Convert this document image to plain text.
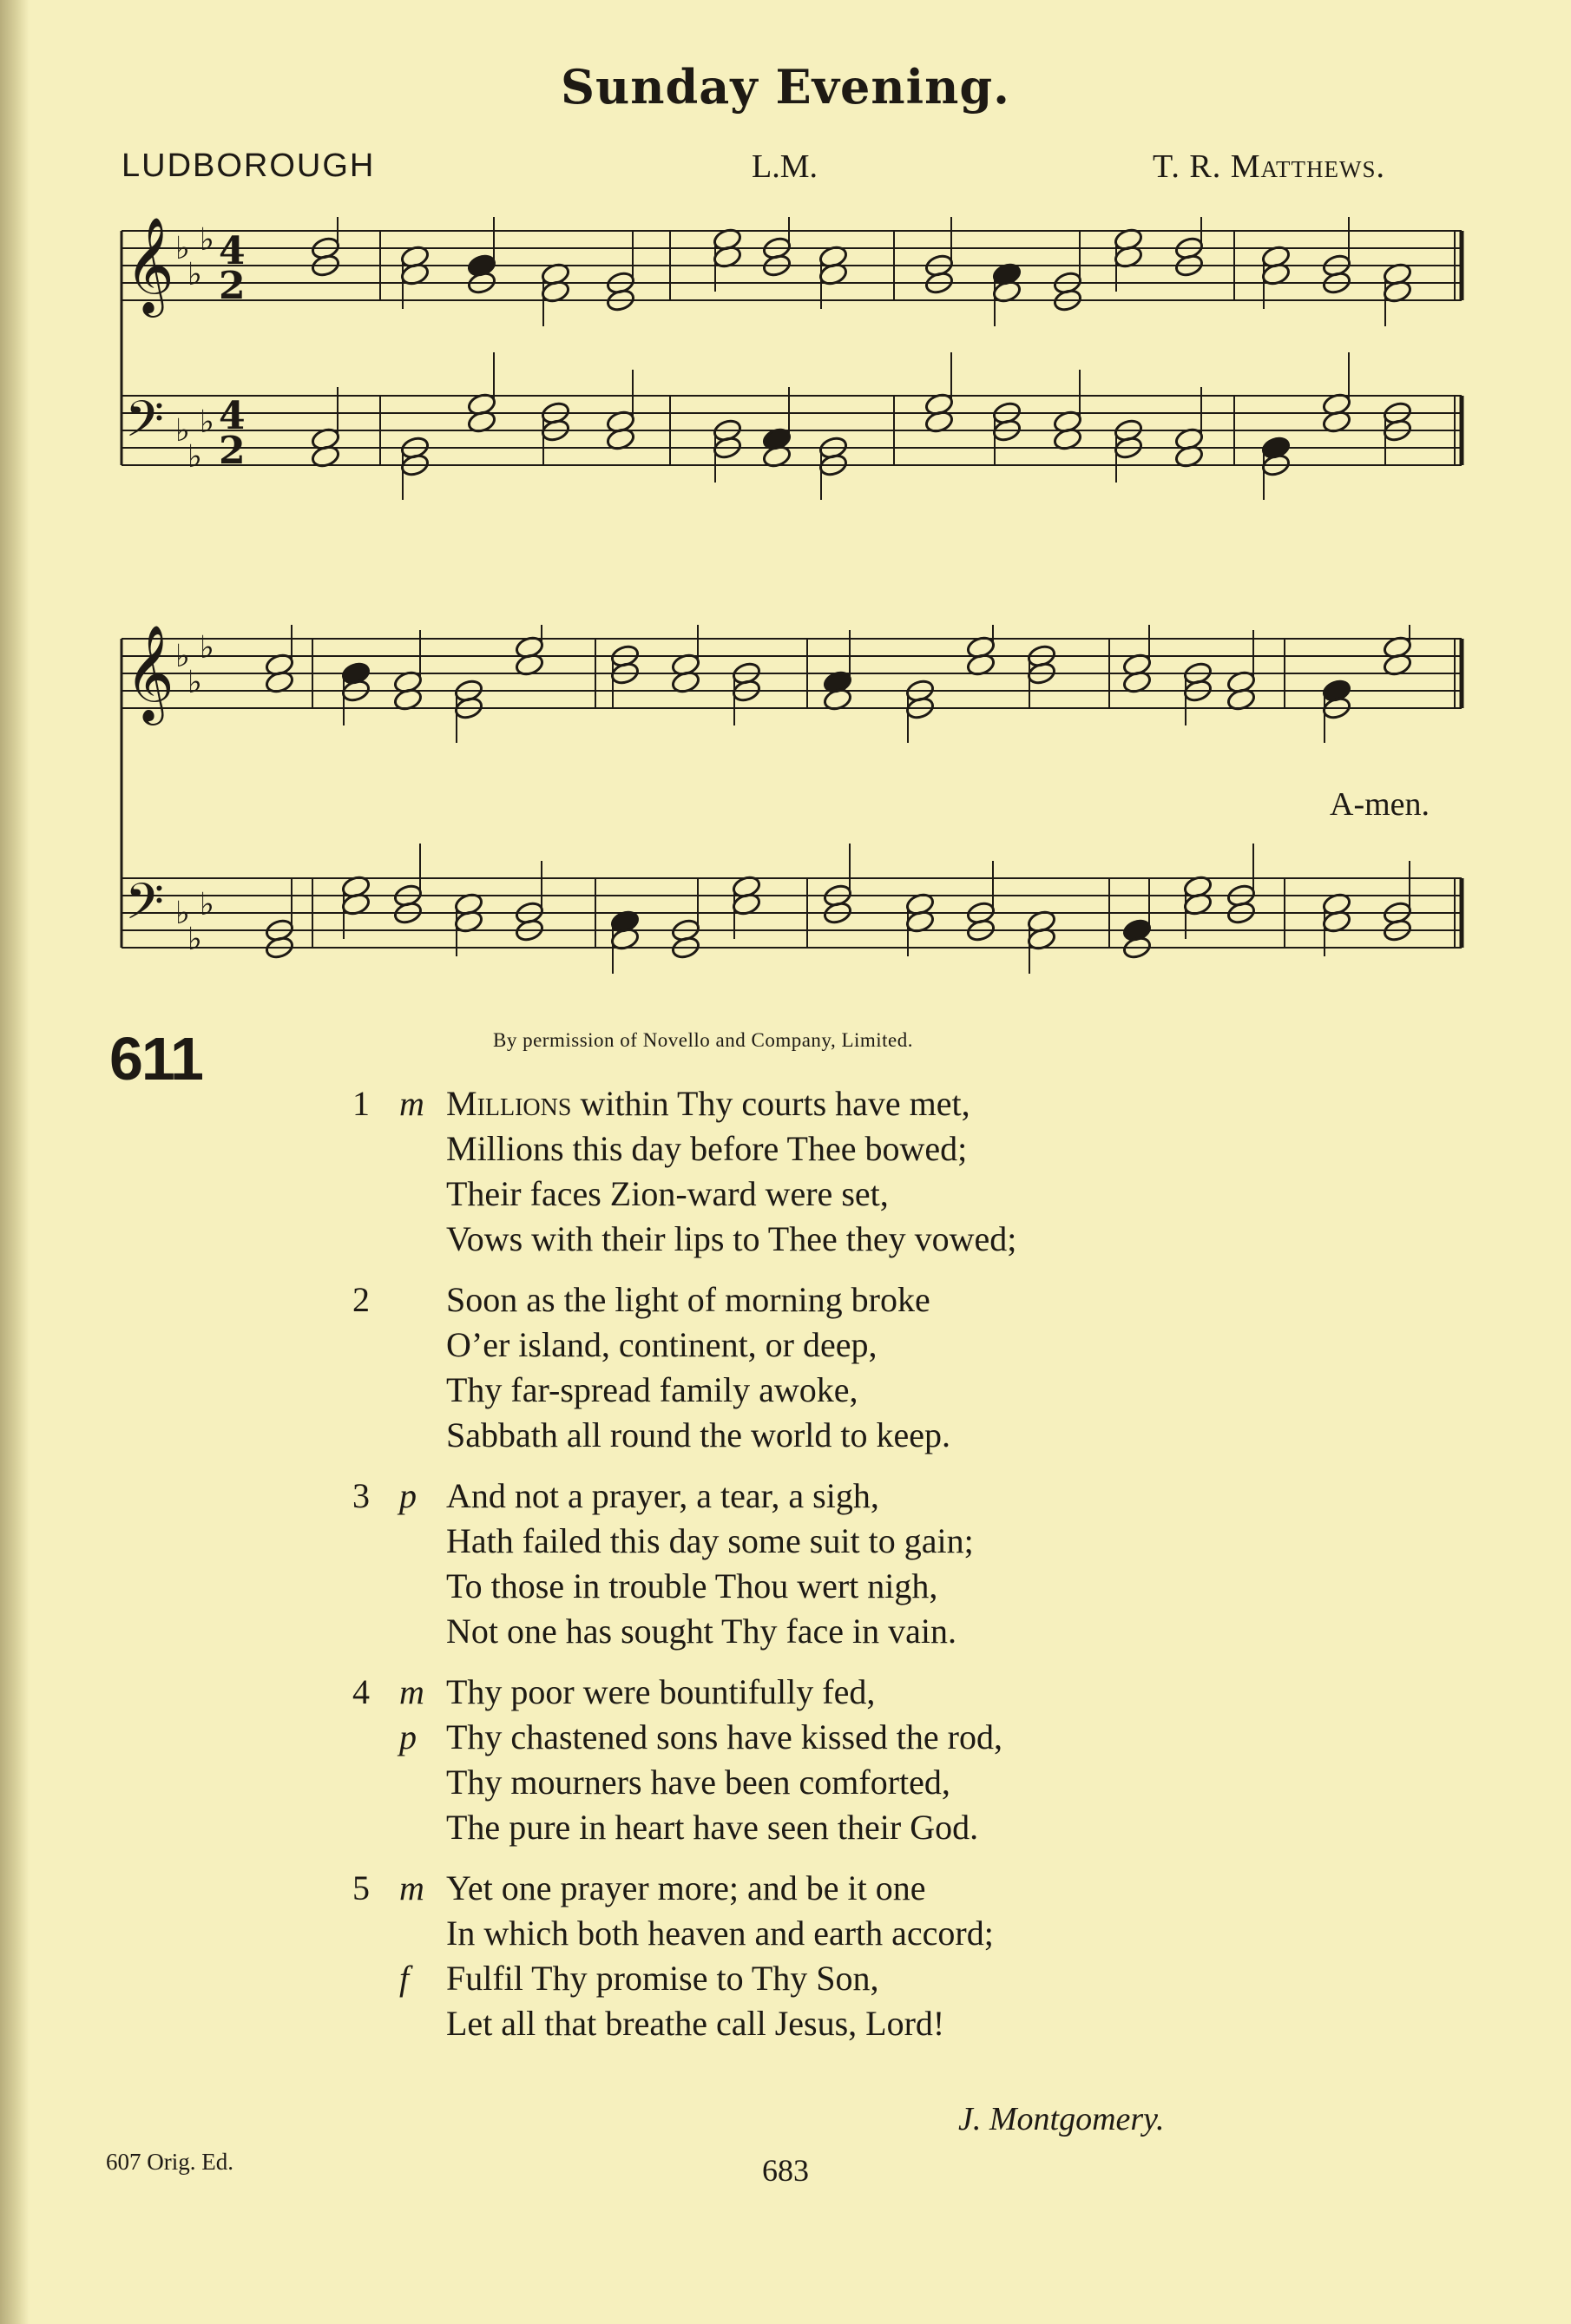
Sunday Evening.
LUDBOROUGH	L.M.	T. R. Matthews.
𝄞 ♭
♭
♭ 4
2
𝄢 ♭
♭
♭ 4
2
𝄞 ♭
♭
♭
𝄢 ♭
♭
♭
A-men.
611	By permission of Novello and Company, Limited.
1 m Millions within Thy courts have met,
Millions this day before Thee bowed;
Their faces Zion-ward were set,
Vows with their lips to Thee they vowed;
2 Soon as the light of morning broke
O’er island, continent, or deep,
Thy far-spread family awoke,
Sabbath all round the world to keep.
3 p And not a prayer, a tear, a sigh,
Hath failed this day some suit to gain;
To those in trouble Thou wert nigh,
Not one has sought Thy face in vain.
4 m Thy poor were bountifully fed,
p Thy chastened sons have kissed the rod,
Thy mourners have been comforted,
The pure in heart have seen their God.
5 m Yet one prayer more; and be it one
In which both heaven and earth accord;
f Fulfil Thy promise to Thy Son,
Let all that breathe call Jesus, Lord!
J. Montgomery.
607 Orig. Ed.	683
